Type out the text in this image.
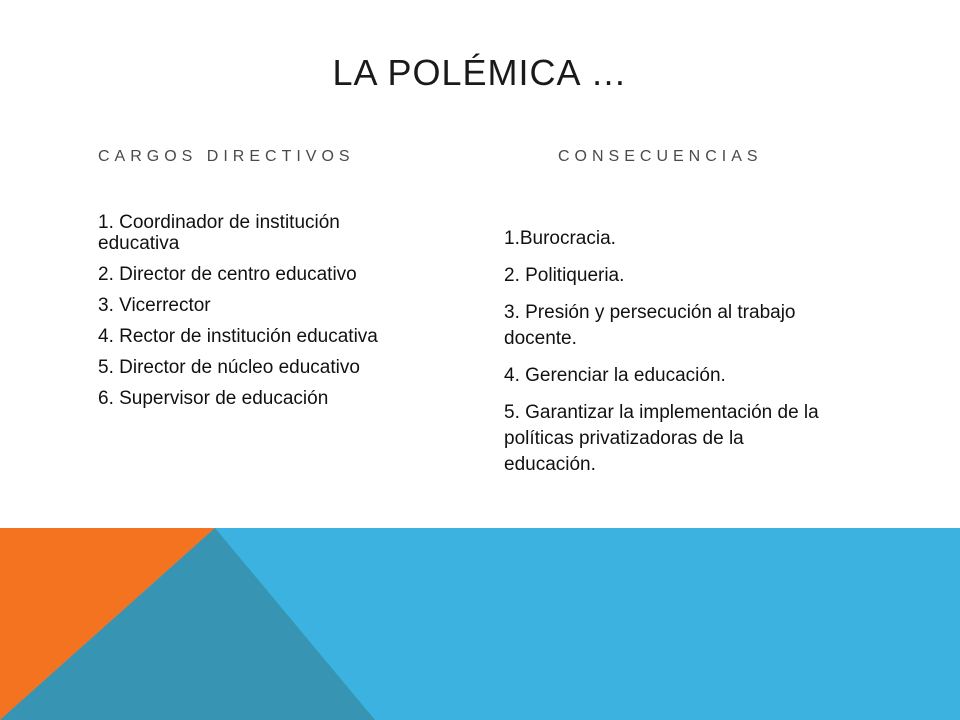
LA POLÉMICA …
CARGOS DIRECTIVOS	CONSECUENCIAS
1. Coordinador de institución educativa
2. Director de centro educativo
3. Vicerrector
4. Rector de institución educativa
5. Director de núcleo educativo
6. Supervisor de educación
1.Burocracia.
2. Politiqueria.
3. Presión y persecución al trabajo docente.
4. Gerenciar la educación.
5. Garantizar la implementación de la políticas privatizadoras de la educación.
